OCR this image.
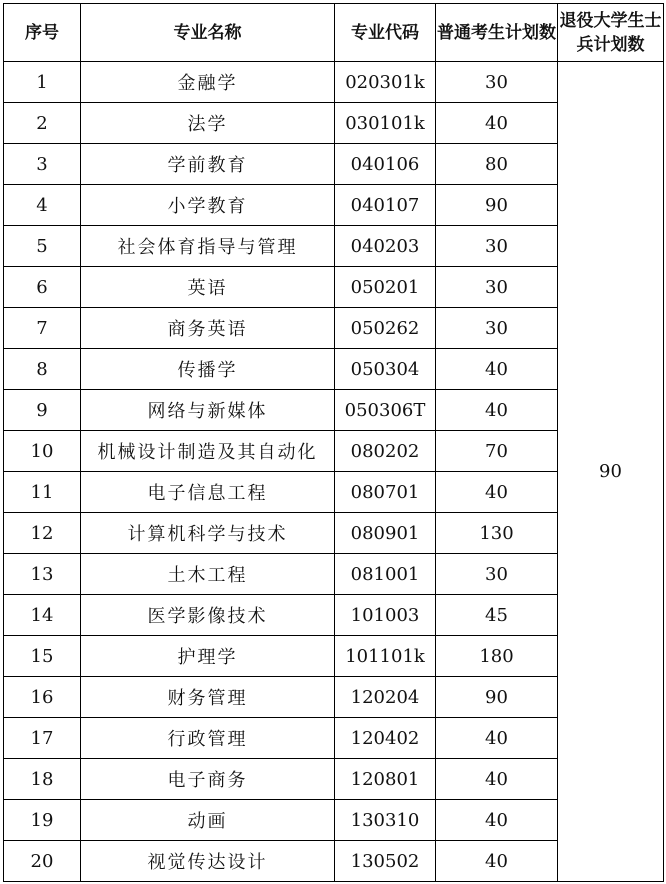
序号	专业名称	专业代码	普通考生计划数	退役大学生士兵计划数
1	金融学	020301k	30	90
2	法学	030101k	40	
3	学前教育	040106	80	
4	小学教育	040107	90	
5	社会体育指导与管理	040203	30	
6	英语	050201	30	
7	商务英语	050262	30	
8	传播学	050304	40	
9	网络与新媒体	050306T	40	
10	机械设计制造及其自动化	080202	70	
11	电子信息工程	080701	40	
12	计算机科学与技术	080901	130	
13	土木工程	081001	30	
14	医学影像技术	101003	45	
15	护理学	101101k	180	
16	财务管理	120204	90	
17	行政管理	120402	40	
18	电子商务	120801	40	
19	动画	130310	40	
20	视觉传达设计	130502	40	
